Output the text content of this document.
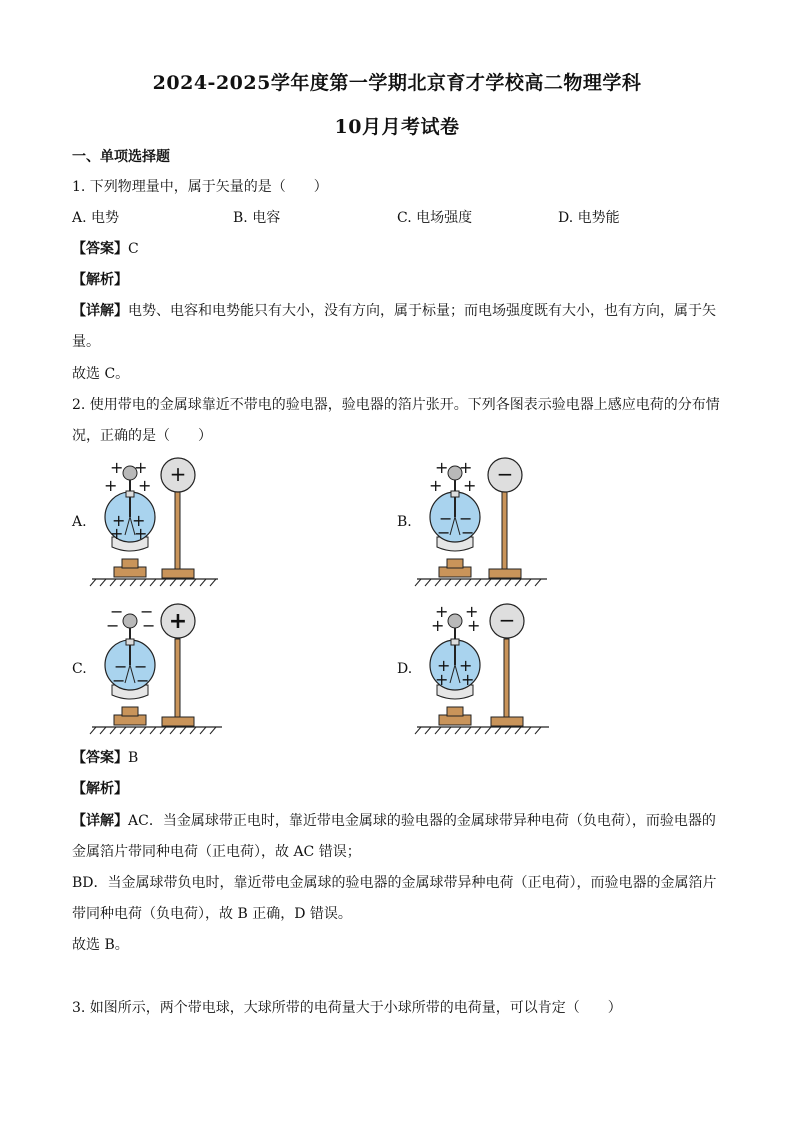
2024-2025学年度第一学期北京育才学校高二物理学科
10月月考试卷
一、单项选择题
1. 下列物理量中，属于矢量的是（　　）
A. 电势	B. 电容	C. 电场强度	D. 电势能
【答案】C
【解析】
【详解】电势、电容和电势能只有大小，没有方向，属于标量；而电场强度既有大小，也有方向，属于矢
量。
故选 C。
2. 使用带电的金属球靠近不带电的验电器，验电器的箔片张开。下列各图表示验电器上感应电荷的分布情
况，正确的是（　　）
A.	B.
C.	D.
+ +
+ +
+ +
+ +
+	+ +
+ +
− −
− −
−
− −
− −
− −
− −
+	+ +
+ +
+ +
+ +
−
【答案】B
【解析】
【详解】AC．当金属球带正电时，靠近带电金属球的验电器的金属球带异种电荷（负电荷），而验电器的
金属箔片带同种电荷（正电荷），故 AC 错误；
BD．当金属球带负电时，靠近带电金属球的验电器的金属球带异种电荷（正电荷），而验电器的金属箔片
带同种电荷（负电荷），故 B 正确，D 错误。
故选 B。
3. 如图所示，两个带电球，大球所带的电荷量大于小球所带的电荷量，可以肯定（　　）
